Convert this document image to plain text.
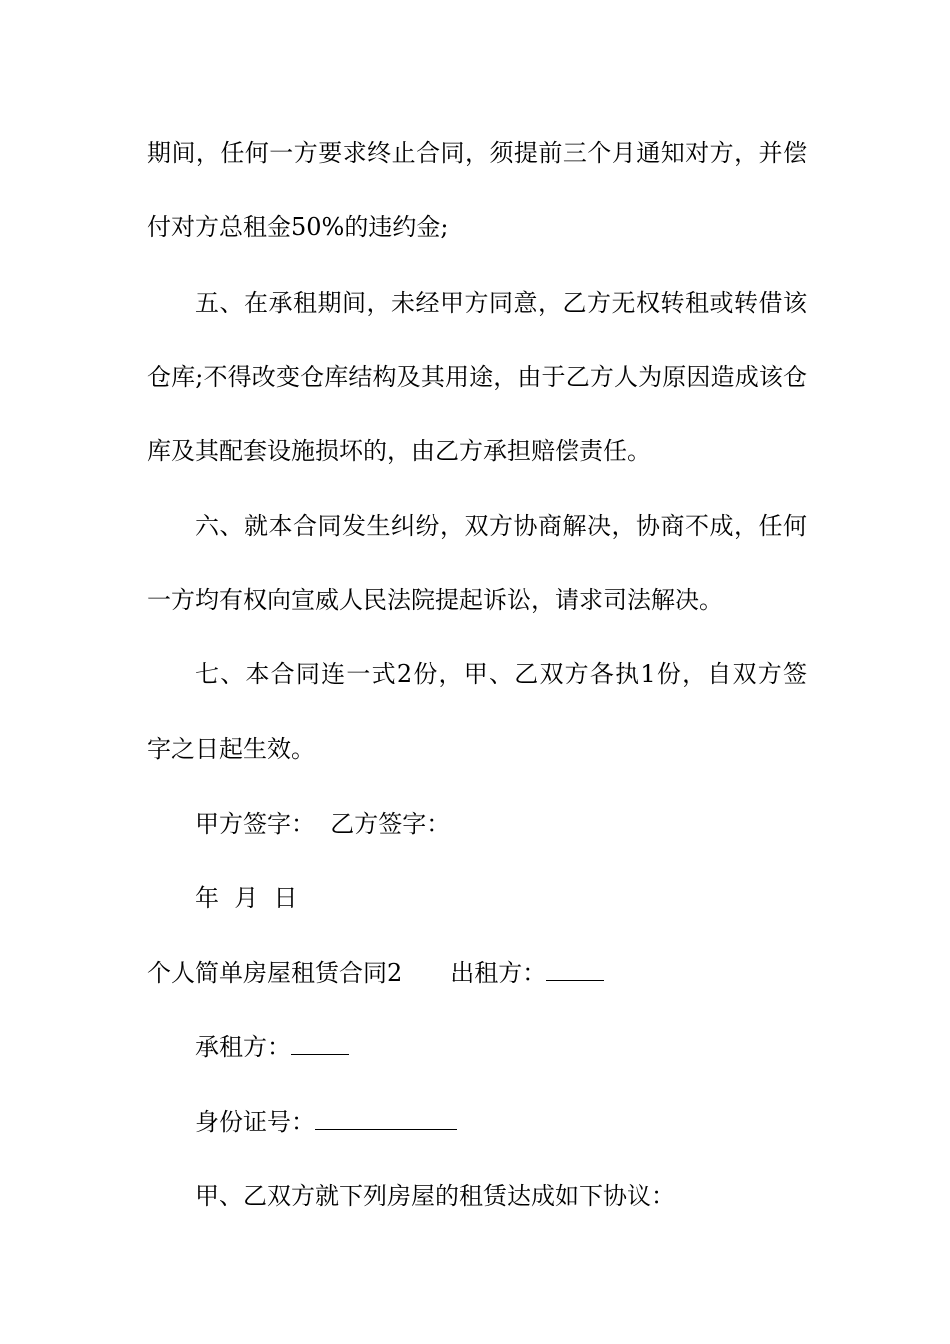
期间，任何一方要求终止合同，须提前三个月通知对方，并偿
付对方总租金50%的违约金;
五、在承租期间，未经甲方同意，乙方无权转租或转借该
仓库;不得改变仓库结构及其用途，由于乙方人为原因造成该仓
库及其配套设施损坏的，由乙方承担赔偿责任。
六、就本合同发生纠纷，双方协商解决，协商不成，任何
一方均有权向宣威人民法院提起诉讼，请求司法解决。
七、本合同连一式2份，甲、乙双方各执1份，自双方签
字之日起生效。
甲方签字：  乙方签字：
年  月  日
个人简单房屋租赁合同2 出租方：
承租方：
身份证号：
甲、乙双方就下列房屋的租赁达成如下协议：
